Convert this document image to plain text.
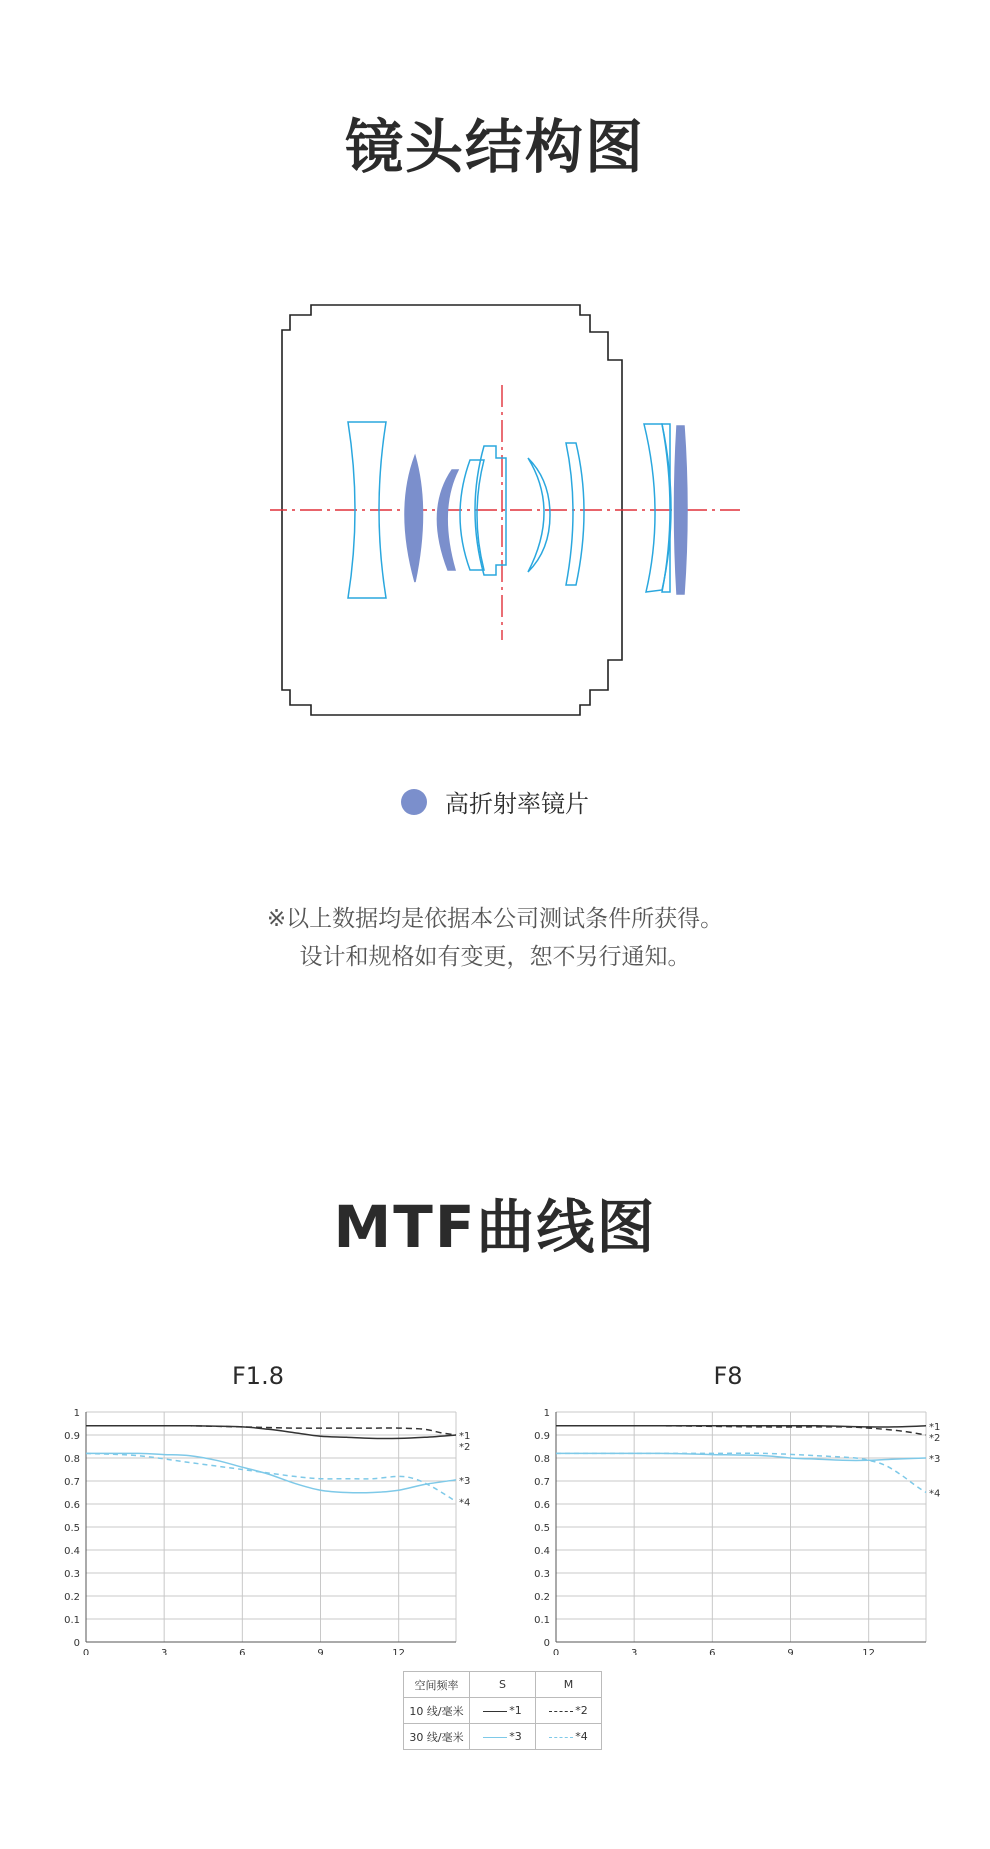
镜头结构图
高折射率镜片
※以上数据均是依据本公司测试条件所获得。
设计和规格如有变更，恕不另行通知。
MTF曲线图
F1.8	F8
0
0.1
0.2
0.3
0.4
0.5
0.6
0.7
0.8
0.9
1
0	3	6	9	12
*1
*2
*3
*4
0
0.1
0.2
0.3
0.4
0.5
0.6
0.7
0.8
0.9
1
0	3	6	9	12
*1
*2
*3
*4
空间频率	S	M
10 线/毫米	*1	*2
30 线/毫米	*3	*4
